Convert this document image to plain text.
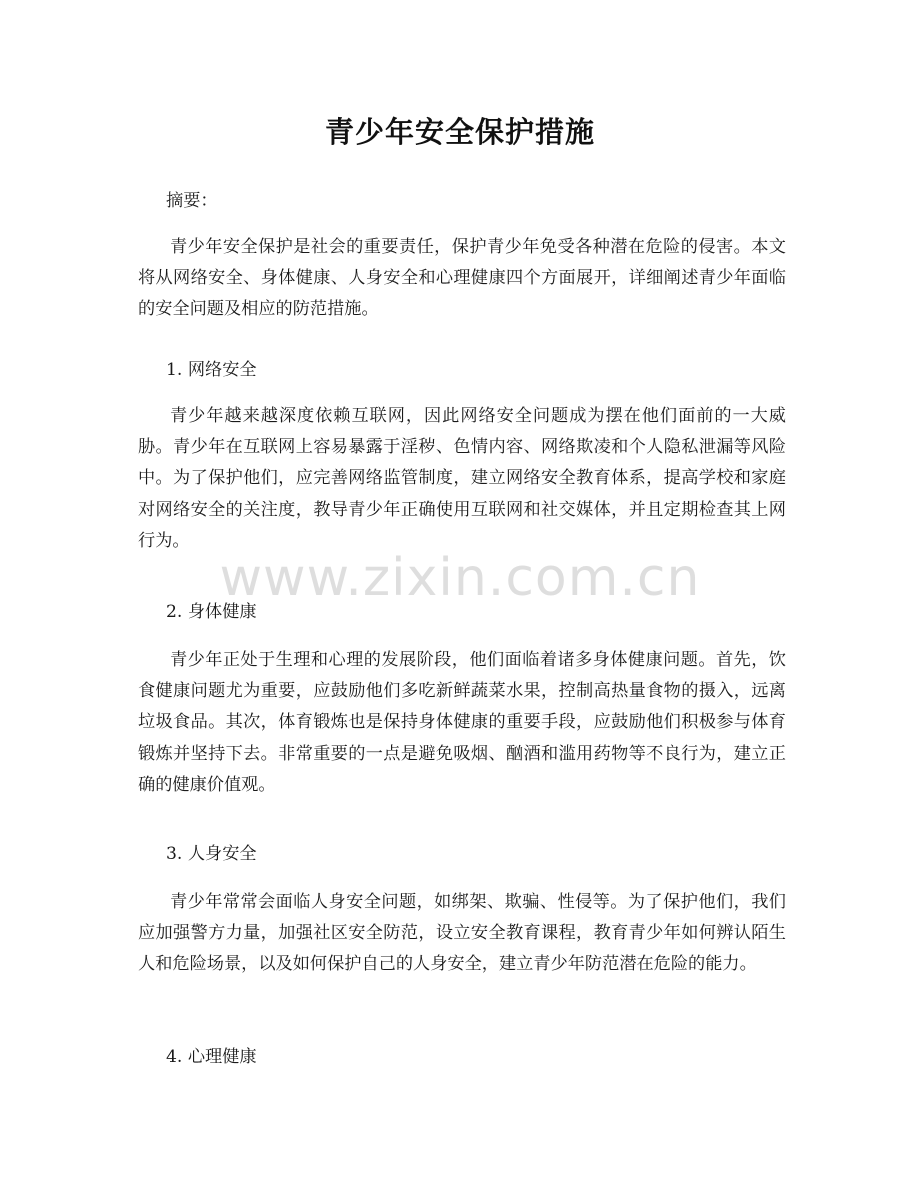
青少年安全保护措施
摘要：
青少年安全保护是社会的重要责任，保护青少年免受各种潜在危险的侵害。本文将从网络安全、身体健康、人身安全和心理健康四个方面展开，详细阐述青少年面临的安全问题及相应的防范措施。
1. 网络安全
青少年越来越深度依赖互联网，因此网络安全问题成为摆在他们面前的一大威胁。青少年在互联网上容易暴露于淫秽、色情内容、网络欺凌和个人隐私泄漏等风险中。为了保护他们，应完善网络监管制度，建立网络安全教育体系，提高学校和家庭对网络安全的关注度，教导青少年正确使用互联网和社交媒体，并且定期检查其上网行为。
2. 身体健康
青少年正处于生理和心理的发展阶段，他们面临着诸多身体健康问题。首先，饮食健康问题尤为重要，应鼓励他们多吃新鲜蔬菜水果，控制高热量食物的摄入，远离垃圾食品。其次，体育锻炼也是保持身体健康的重要手段，应鼓励他们积极参与体育锻炼并坚持下去。非常重要的一点是避免吸烟、酗酒和滥用药物等不良行为，建立正确的健康价值观。
3. 人身安全
青少年常常会面临人身安全问题，如绑架、欺骗、性侵等。为了保护他们，我们应加强警方力量，加强社区安全防范，设立安全教育课程，教育青少年如何辨认陌生人和危险场景，以及如何保护自己的人身安全，建立青少年防范潜在危险的能力。
4. 心理健康
www.zixin.com.cn
